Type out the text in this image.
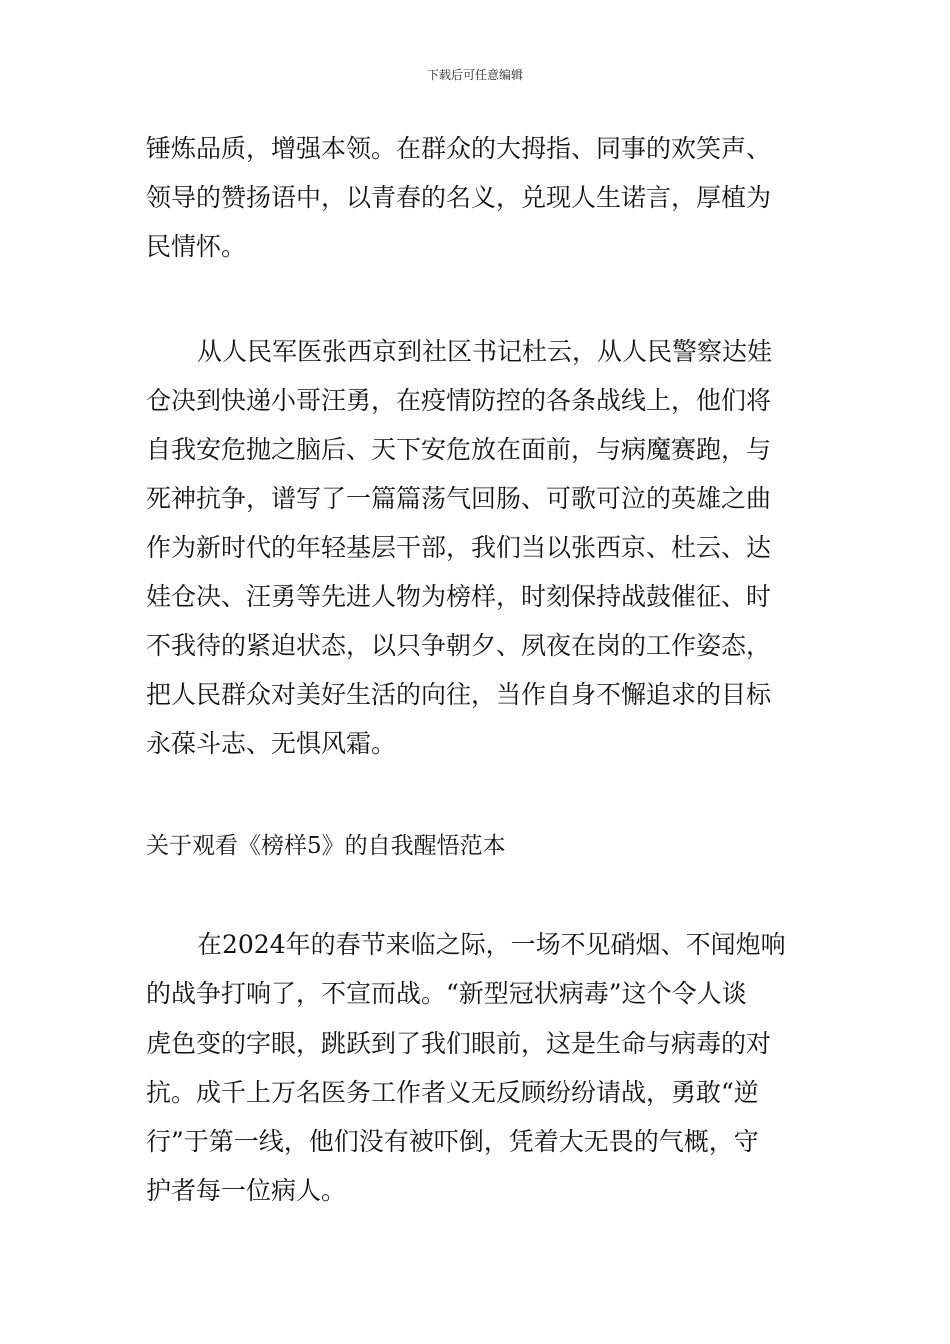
下载后可任意编辑
锤炼品质，增强本领。在群众的大拇指、同事的欢笑声、
领导的赞扬语中，以青春的名义，兑现人生诺言，厚植为
民情怀。
从人民军医张西京到社区书记杜云，从人民警察达娃
仓决到快递小哥汪勇，在疫情防控的各条战线上，他们将
自我安危抛之脑后、天下安危放在面前，与病魔赛跑，与
死神抗争，谱写了一篇篇荡气回肠、可歌可泣的英雄之曲
作为新时代的年轻基层干部，我们当以张西京、杜云、达
娃仓决、汪勇等先进人物为榜样，时刻保持战鼓催征、时
不我待的紧迫状态，以只争朝夕、夙夜在岗的工作姿态，
把人民群众对美好生活的向往，当作自身不懈追求的目标
永葆斗志、无惧风霜。
关于观看《榜样5》的自我醒悟范本
在2024年的春节来临之际，一场不见硝烟、不闻炮响
的战争打响了，不宣而战。“新型冠状病毒”这个令人谈
虎色变的字眼，跳跃到了我们眼前，这是生命与病毒的对
抗。成千上万名医务工作者义无反顾纷纷请战，勇敢“逆
行”于第一线，他们没有被吓倒，凭着大无畏的气概，守
护者每一位病人。
